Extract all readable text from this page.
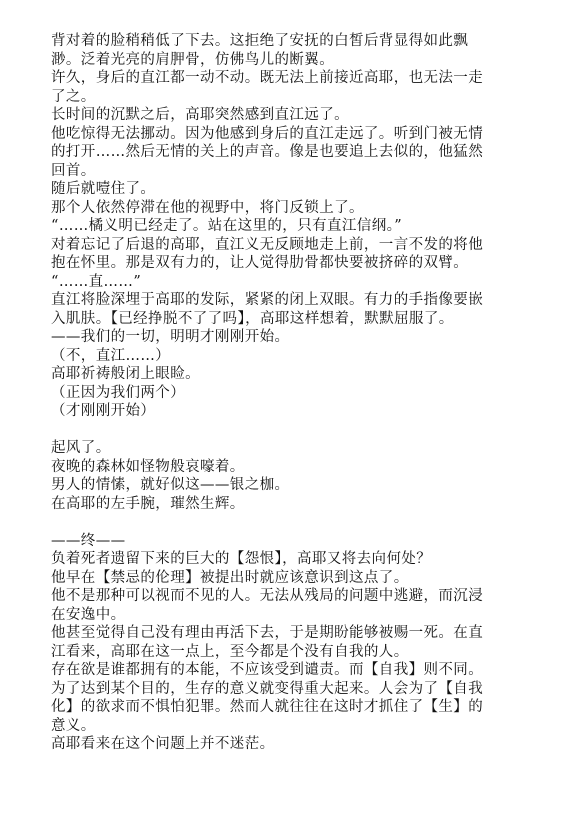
背对着的脸稍稍低了下去。这拒绝了安抚的白皙后背显得如此飘
渺。泛着光亮的肩胛骨，仿佛鸟儿的断翼。
许久，身后的直江都一动不动。既无法上前接近高耶，也无法一走
了之。
长时间的沉默之后，高耶突然感到直江远了。
他吃惊得无法挪动。因为他感到身后的直江走远了。听到门被无情
的打开……然后无情的关上的声音。像是也要追上去似的，他猛然
回首。
随后就噎住了。
那个人依然停滞在他的视野中，将门反锁上了。
“……橘义明已经走了。站在这里的，只有直江信纲。”
对着忘记了后退的高耶，直江义无反顾地走上前，一言不发的将他
抱在怀里。那是双有力的，让人觉得肋骨都快要被挤碎的双臂。
“……直……”
直江将脸深埋于高耶的发际，紧紧的闭上双眼。有力的手指像要嵌
入肌肤。【已经挣脱不了了吗】，高耶这样想着，默默屈服了。
——我们的一切，明明才刚刚开始。
（不，直江……）
高耶祈祷般闭上眼睑。
（正因为我们两个）
（才刚刚开始）
起风了。
夜晚的森林如怪物般哀嚎着。
男人的情愫，就好似这——银之枷。
在高耶的左手腕，璀然生辉。
——终——
负着死者遗留下来的巨大的【怨恨】，高耶又将去向何处？
他早在【禁忌的伦理】被提出时就应该意识到这点了。
他不是那种可以视而不见的人。无法从残局的问题中逃避，而沉浸
在安逸中。
他甚至觉得自己没有理由再活下去，于是期盼能够被赐一死。在直
江看来，高耶在这一点上，至今都是个没有自我的人。
存在欲是谁都拥有的本能，不应该受到谴责。而【自我】则不同。
为了达到某个目的，生存的意义就变得重大起来。人会为了【自我
化】的欲求而不惧怕犯罪。然而人就往往在这时才抓住了【生】的
意义。
高耶看来在这个问题上并不迷茫。
